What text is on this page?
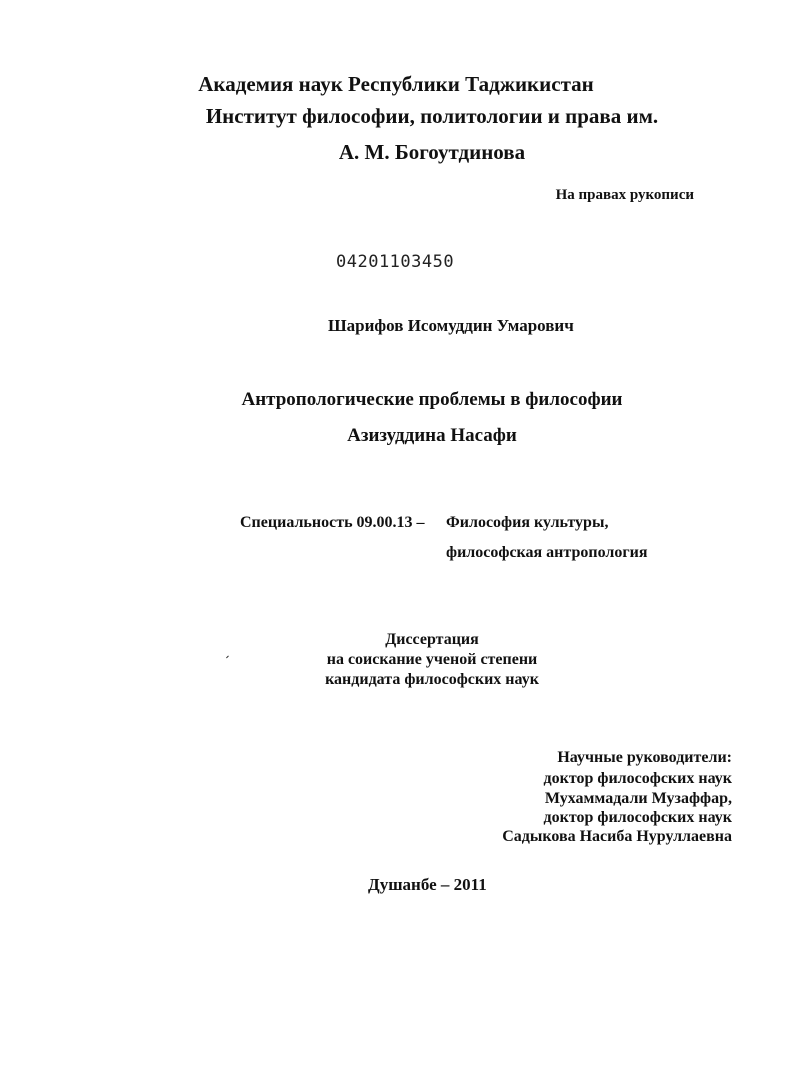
Академия наук Республики Таджикистан
Институт философии, политологии и права им.
А. М. Богоутдинова
На правах рукописи
04201103450
Шарифов Исомуддин Умарович
Антропологические проблемы в философии
Азизуддина Насафи
Специальность 09.00.13 – Философия культуры,
философская антропология
Диссертация
на соискание ученой степени
кандидата философских наук
Научные руководители:
доктор философских наук
Мухаммадали Музаффар,
доктор философских наук
Садыкова Насиба Нуруллаевна
Душанбе – 2011
